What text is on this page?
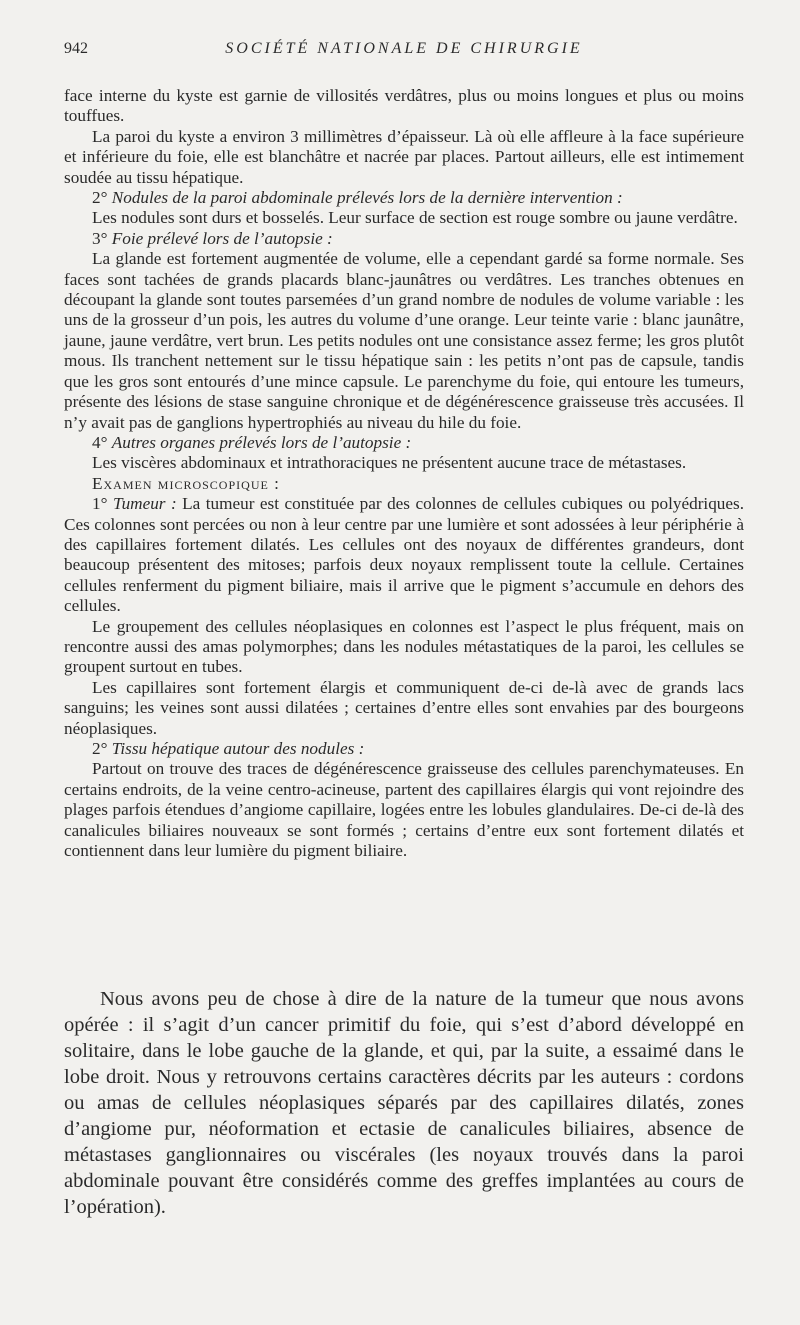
942	SOCIÉTÉ NATIONALE DE CHIRURGIE

face interne du kyste est garnie de villosités verdâtres, plus ou moins longues et plus ou moins touffues.

La paroi du kyste a environ 3 millimètres d’épaisseur. Là où elle affleure à la face supérieure et inférieure du foie, elle est blanchâtre et nacrée par places. Partout ailleurs, elle est intimement soudée au tissu hépatique.

2° Nodules de la paroi abdominale prélevés lors de la dernière intervention :

Les nodules sont durs et bosselés. Leur surface de section est rouge sombre ou jaune verdâtre.

3° Foie prélevé lors de l’autopsie :

La glande est fortement augmentée de volume, elle a cependant gardé sa forme normale. Ses faces sont tachées de grands placards blanc-jaunâtres ou verdâtres. Les tranches obtenues en découpant la glande sont toutes parsemées d’un grand nombre de nodules de volume variable : les uns de la grosseur d’un pois, les autres du volume d’une orange. Leur teinte varie : blanc jaunâtre, jaune, jaune verdâtre, vert brun. Les petits nodules ont une consistance assez ferme; les gros plutôt mous. Ils tranchent nettement sur le tissu hépatique sain : les petits n’ont pas de capsule, tandis que les gros sont entourés d’une mince capsule. Le parenchyme du foie, qui entoure les tumeurs, présente des lésions de stase sanguine chronique et de dégénérescence graisseuse très accusées. Il n’y avait pas de ganglions hypertrophiés au niveau du hile du foie.

4° Autres organes prélevés lors de l’autopsie :

Les viscères abdominaux et intrathoraciques ne présentent aucune trace de métastases.

Examen microscopique :

1° Tumeur : La tumeur est constituée par des colonnes de cellules cubiques ou polyédriques. Ces colonnes sont percées ou non à leur centre par une lumière et sont adossées à leur périphérie à des capillaires fortement dilatés. Les cellules ont des noyaux de différentes grandeurs, dont beaucoup présentent des mitoses; parfois deux noyaux remplissent toute la cellule. Certaines cellules renferment du pigment biliaire, mais il arrive que le pigment s’accumule en dehors des cellules.

Le groupement des cellules néoplasiques en colonnes est l’aspect le plus fréquent, mais on rencontre aussi des amas polymorphes; dans les nodules métastatiques de la paroi, les cellules se groupent surtout en tubes.

Les capillaires sont fortement élargis et communiquent de-ci de-là avec de grands lacs sanguins; les veines sont aussi dilatées ; certaines d’entre elles sont envahies par des bourgeons néoplasiques.

2° Tissu hépatique autour des nodules :

Partout on trouve des traces de dégénérescence graisseuse des cellules parenchymateuses. En certains endroits, de la veine centro-acineuse, partent des capillaires élargis qui vont rejoindre des plages parfois étendues d’angiome capillaire, logées entre les lobules glandulaires. De-ci de-là des canalicules biliaires nouveaux se sont formés ; certains d’entre eux sont fortement dilatés et contiennent dans leur lumière du pigment biliaire.

Nous avons peu de chose à dire de la nature de la tumeur que nous avons opérée : il s’agit d’un cancer primitif du foie, qui s’est d’abord développé en solitaire, dans le lobe gauche de la glande, et qui, par la suite, a essaimé dans le lobe droit. Nous y retrouvons certains caractères décrits par les auteurs : cordons ou amas de cellules néoplasiques séparés par des capillaires dilatés, zones d’angiome pur, néoformation et ectasie de canalicules biliaires, absence de métastases ganglionnaires ou viscérales (les noyaux trouvés dans la paroi abdominale pouvant être considérés comme des greffes implantées au cours de l’opération).
